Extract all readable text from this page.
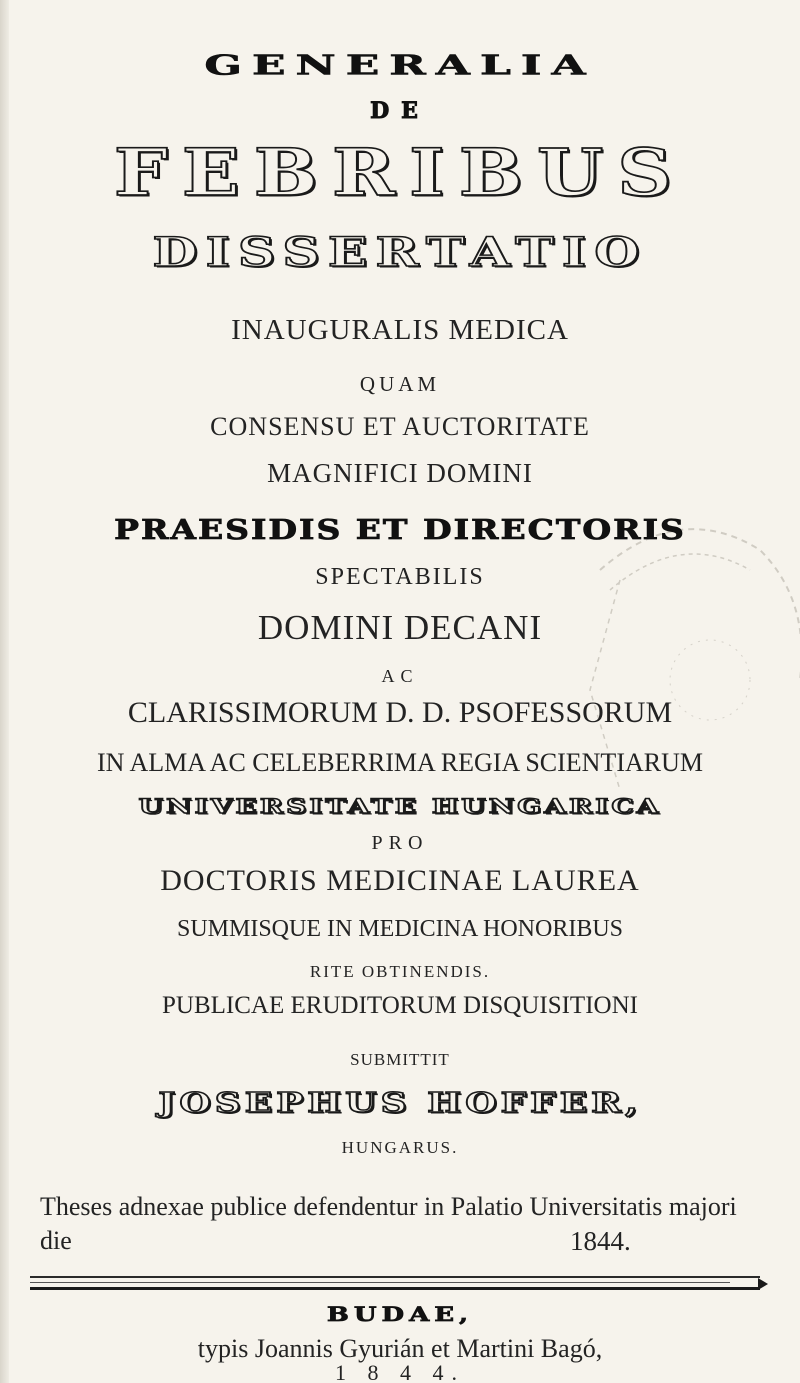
GENERALIA

DE

FEBRIBUS

DISSERTATIO

INAUGURALIS MEDICA

QUAM

CONSENSU ET AUCTORITATE

MAGNIFICI DOMINI

PRAESIDIS ET DIRECTORIS

SPECTABILIS

DOMINI DECANI

AC

CLARISSIMORUM D. D. PSOFESSORUM

IN ALMA AC CELEBERRIMA REGIA SCIENTIARUM

UNIVERSITATE HUNGARICA

PRO

DOCTORIS MEDICINAE LAUREA

SUMMISQUE IN MEDICINA HONORIBUS

RITE OBTINENDIS.

PUBLICAE ERUDITORUM DISQUISITIONI

SUBMITTIT

JOSEPHUS HOFFER,

HUNGARUS.

Theses adnexae publice defendentur in Palatio Universitatis majori die	1844.

BUDAE,

typis Joannis Gyurián et Martini Bagó,

1 8 4 4.
